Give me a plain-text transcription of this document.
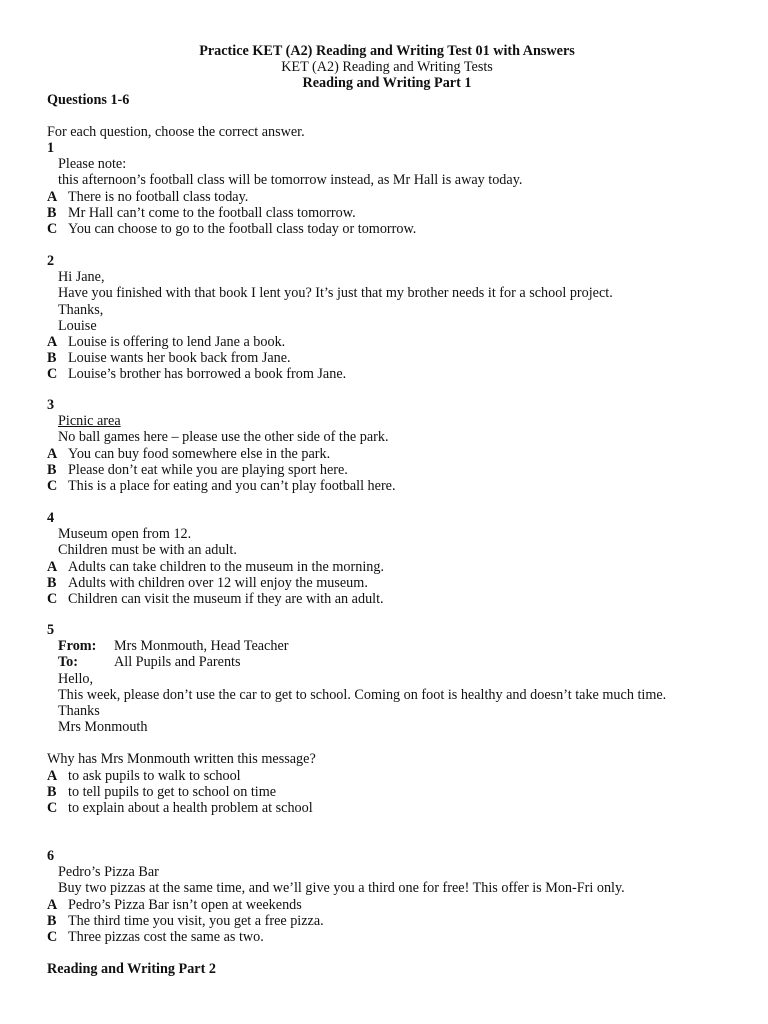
Practice KET (A2) Reading and Writing Test 01 with Answers
KET (A2) Reading and Writing Tests
Reading and Writing Part 1
Questions 1-6
For each question, choose the correct answer.
1
Please note:
this afternoon’s football class will be tomorrow instead, as Mr Hall is away today.
A There is no football class today.
B Mr Hall can’t come to the football class tomorrow.
C You can choose to go to the football class today or tomorrow.
2
Hi Jane,
Have you finished with that book I lent you? It’s just that my brother needs it for a school project.
Thanks,
Louise
A Louise is offering to lend Jane a book.
B Louise wants her book back from Jane.
C Louise’s brother has borrowed a book from Jane.
3
Picnic area
No ball games here – please use the other side of the park.
A You can buy food somewhere else in the park.
B Please don’t eat while you are playing sport here.
C This is a place for eating and you can’t play football here.
4
Museum open from 12.
Children must be with an adult.
A Adults can take children to the museum in the morning.
B Adults with children over 12 will enjoy the museum.
C Children can visit the museum if they are with an adult.
5
From:	Mrs Monmouth, Head Teacher
To:	All Pupils and Parents
Hello,
This week, please don’t use the car to get to school. Coming on foot is healthy and doesn’t take much time.
Thanks
Mrs Monmouth
Why has Mrs Monmouth written this message?
A to ask pupils to walk to school
B to tell pupils to get to school on time
C to explain about a health problem at school
6
Pedro’s Pizza Bar
Buy two pizzas at the same time, and we’ll give you a third one for free! This offer is Mon-Fri only.
A Pedro’s Pizza Bar isn’t open at weekends
B The third time you visit, you get a free pizza.
C Three pizzas cost the same as two.
Reading and Writing Part 2
